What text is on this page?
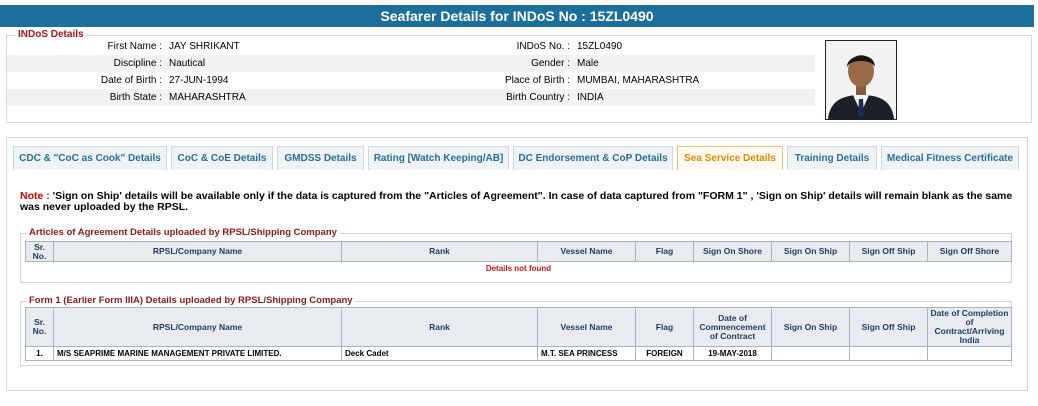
Seafarer Details for INDoS No : 15ZL0490
INDoS Details
First Name : JAY SHRIKANT	INDoS No. : 15ZL0490
Discipline : Nautical	Gender : Male
Date of Birth : 27-JUN-1994	Place of Birth : MUMBAI, MAHARASHTRA
Birth State : MAHARASHTRA	Birth Country : INDIA
CDC & "CoC as Cook" Details	CoC & CoE Details	GMDSS Details	Rating [Watch Keeping/AB]	DC Endorsement & CoP Details	Sea Service Details	Training Details	Medical Fitness Certificate
Note : 'Sign on Ship' details will be available only if the data is captured from the "Articles of Agreement". In case of data captured from "FORM 1" , 'Sign on Ship' details will remain blank as the same was never uploaded by the RPSL.
Articles of Agreement Details uploaded by RPSL/Shipping Company
Sr. No.	RPSL/Company Name	Rank	Vessel Name	Flag	Sign On Shore	Sign On Ship	Sign Off Ship	Sign Off Shore
Details not found
Form 1 (Earlier Form IIIA) Details uploaded by RPSL/Shipping Company
Sr. No.	RPSL/Company Name	Rank	Vessel Name	Flag	Date of Commencement of Contract	Sign On Ship	Sign Off Ship	Date of Completion of Contract/Arriving India
1.	M/S SEAPRIME MARINE MANAGEMENT PRIVATE LIMITED.	Deck Cadet	M.T. SEA PRINCESS	FOREIGN	19-MAY-2018			
